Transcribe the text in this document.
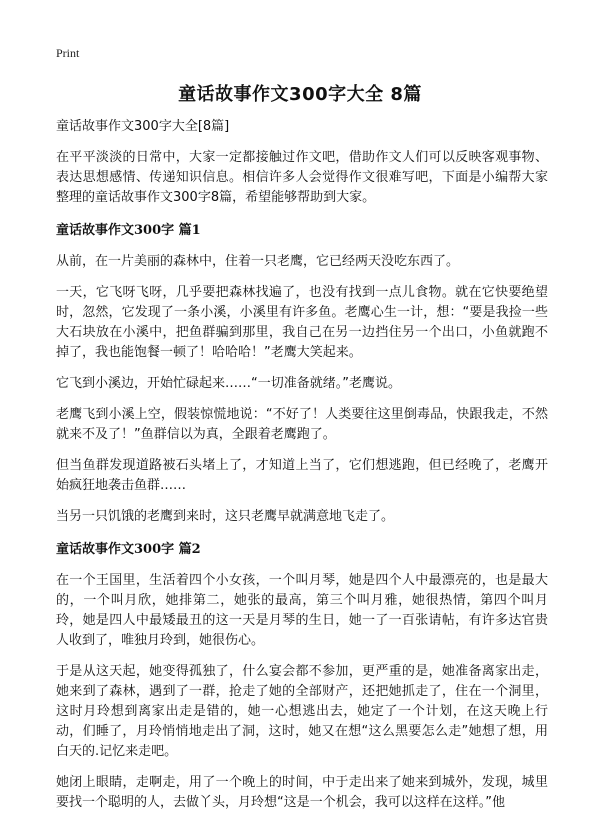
Print
童话故事作文300字大全 8篇
童话故事作文300字大全[8篇]

在平平淡淡的日常中，大家一定都接触过作文吧，借助作文人们可以反映客观事物、表达思想感情、传递知识信息。相信许多人会觉得作文很难写吧，下面是小编帮大家整理的童话故事作文300字8篇，希望能够帮助到大家。

童话故事作文300字 篇1

从前，在一片美丽的森林中，住着一只老鹰，它已经两天没吃东西了。

一天，它飞呀飞呀，几乎要把森林找遍了，也没有找到一点儿食物。就在它快要绝望时，忽然，它发现了一条小溪，小溪里有许多鱼。老鹰心生一计，想：“要是我捡一些大石块放在小溪中，把鱼群骗到那里，我自己在另一边挡住另一个出口，小鱼就跑不掉了，我也能饱餐一顿了！哈哈哈！”老鹰大笑起来。

它飞到小溪边，开始忙碌起来……“一切准备就绪。”老鹰说。

老鹰飞到小溪上空，假装惊慌地说：“不好了！人类要往这里倒毒品，快跟我走，不然就来不及了！”鱼群信以为真，全跟着老鹰跑了。

但当鱼群发现道路被石头堵上了，才知道上当了，它们想逃跑，但已经晚了，老鹰开始疯狂地袭击鱼群……

当另一只饥饿的老鹰到来时，这只老鹰早就满意地飞走了。

童话故事作文300字 篇2

在一个王国里，生活着四个小女孩，一个叫月琴，她是四个人中最漂亮的，也是最大的，一个叫月欣，她排第二，她张的最高，第三个叫月雅，她很热情，第四个叫月玲，她是四人中最矮最丑的这一天是月琴的生日，她一了一百张请帖，有许多达官贵人收到了，唯独月玲到，她很伤心。

于是从这天起，她变得孤独了，什么宴会都不参加，更严重的是，她准备离家出走，她来到了森林，遇到了一群，抢走了她的全部财产，还把她抓走了，住在一个洞里，这时月玲想到离家出走是错的，她一心想逃出去，她定了一个计划，在这天晚上行动，们睡了，月玲悄悄地走出了洞，这时，她又在想“这么黑要怎么走”她想了想，用白天的.记忆来走吧。

她闭上眼睛，走啊走，用了一个晚上的时间，中于走出来了她来到城外，发现，城里要找一个聪明的人，去做丫头，月玲想“这是一个机会，我可以这样在这样。”他
